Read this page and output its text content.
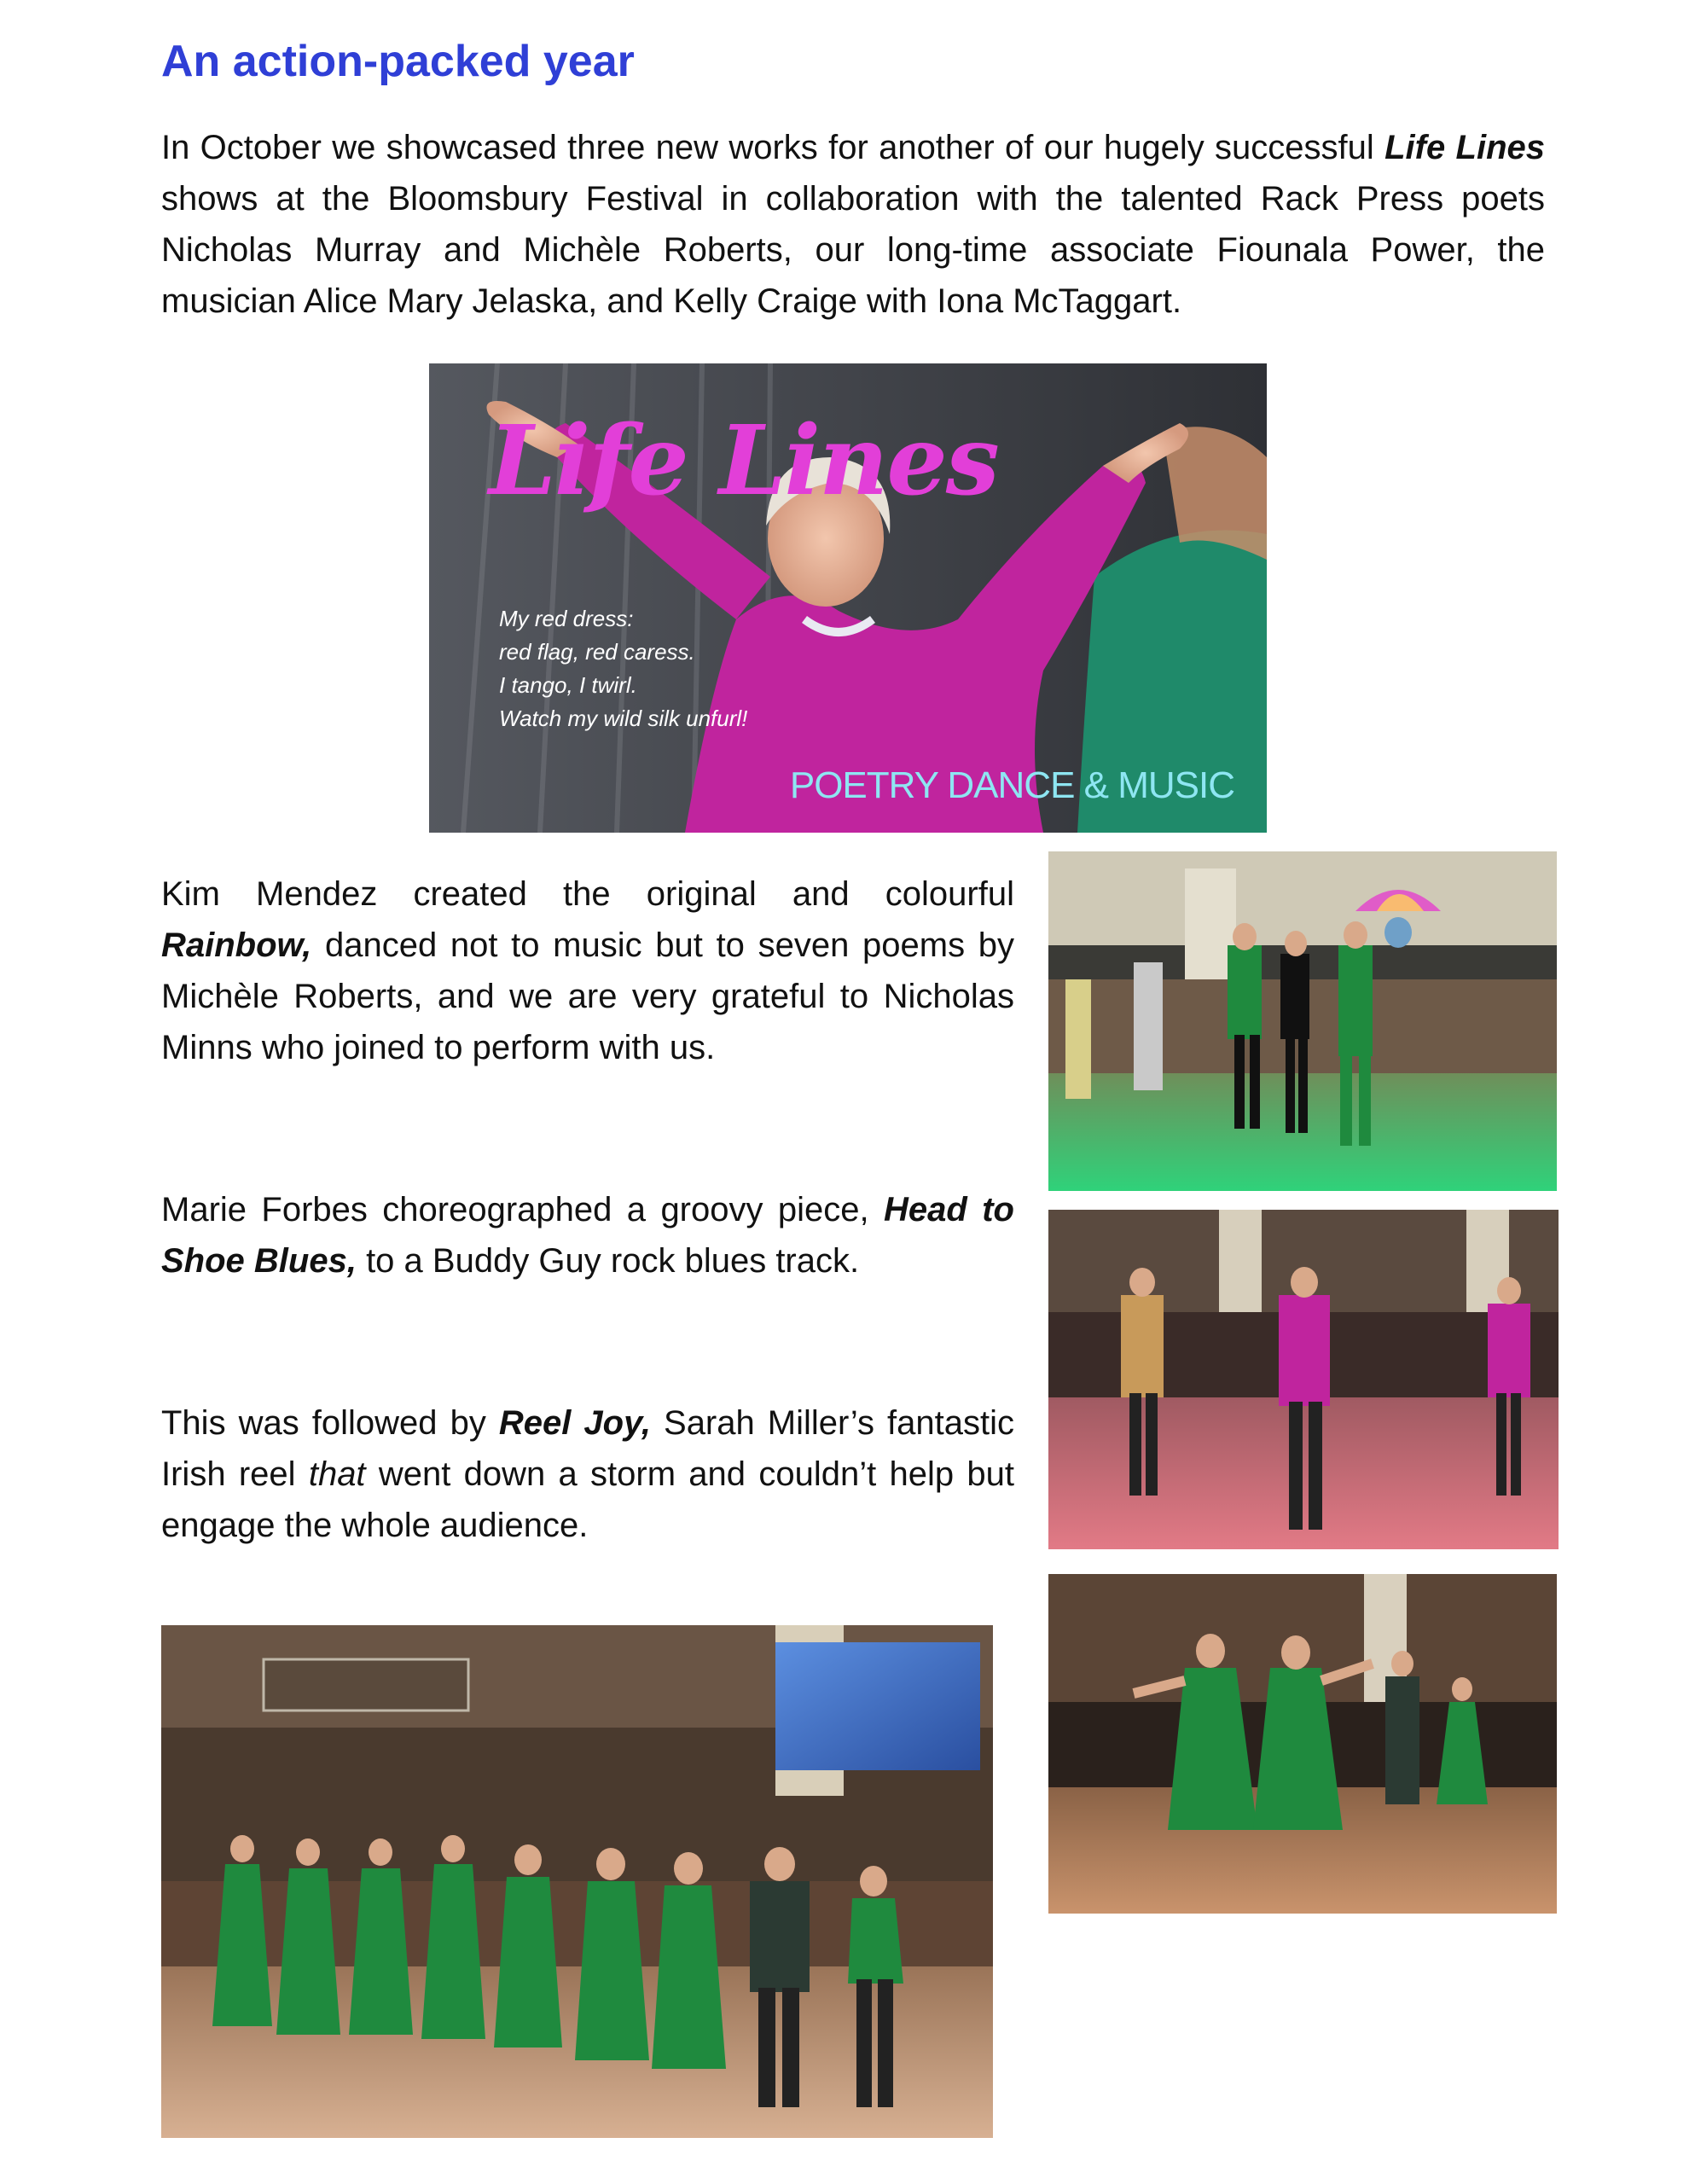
An action-packed year

In October we showcased three new works for another of our hugely successful Life Lines shows at the Bloomsbury Festival in collaboration with the talented Rack Press poets Nicholas Murray and Michèle Roberts, our long-time associate Fiounala Power, the musician Alice Mary Jelaska, and Kelly Craige with Iona McTaggart.

Life Lines
My red dress:
red flag, red caress.
I tango, I twirl.
Watch my wild silk unfurl!

POETRY DANCE & MUSIC

Kim Mendez created the original and colourful Rainbow, danced not to music but to seven poems by Michèle Roberts, and we are very grateful to Nicholas Minns who joined to perform with us.

Marie Forbes choreographed a groovy piece, Head to Shoe Blues, to a Buddy Guy rock blues track.

This was followed by Reel Joy, Sarah Miller’s fantastic Irish reel that went down a storm and couldn’t help but engage the whole audience.
